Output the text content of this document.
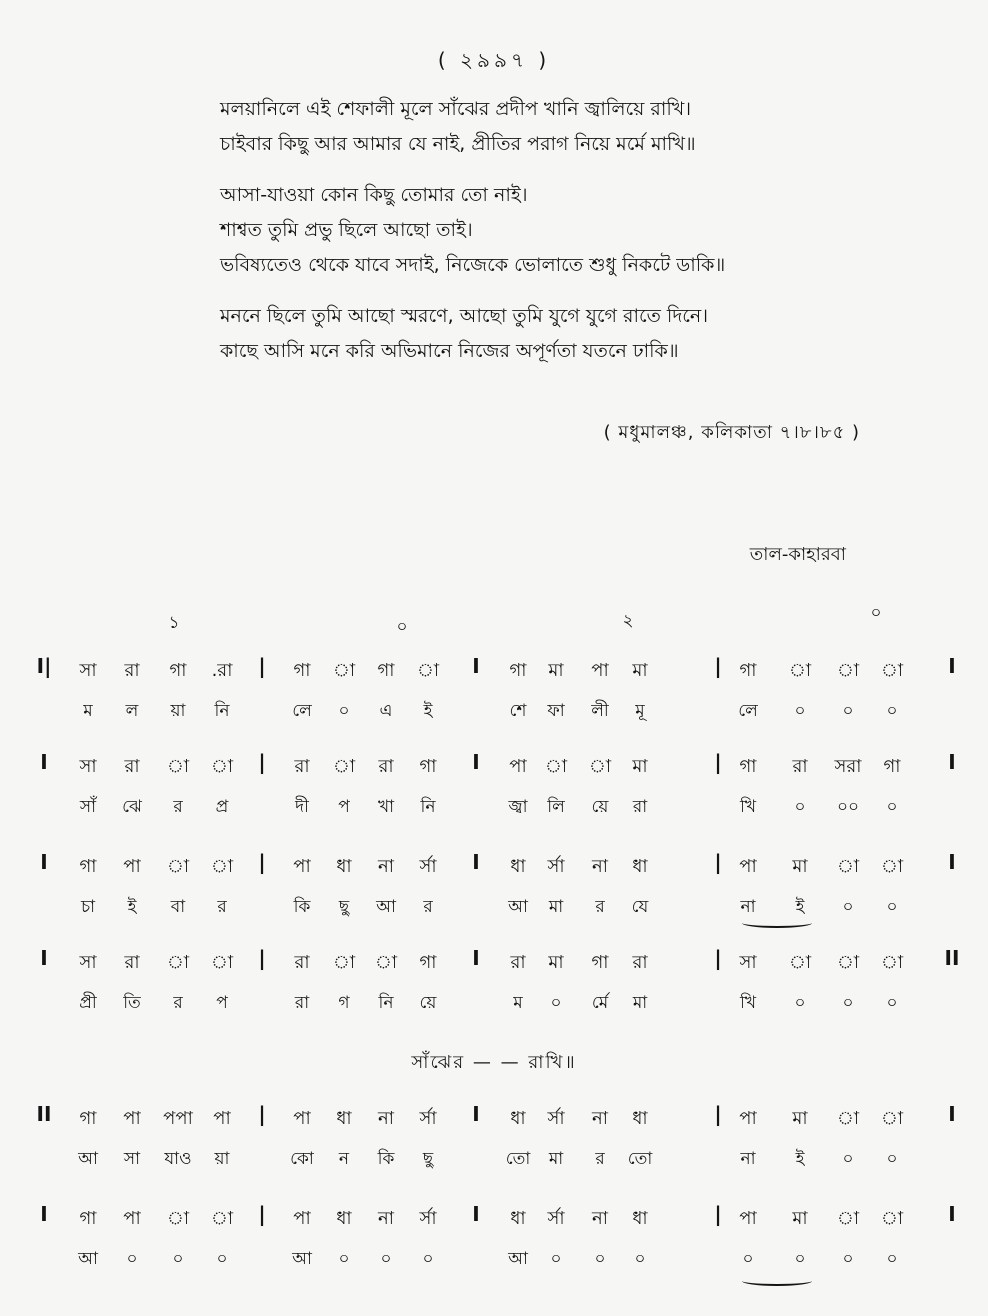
( ২৯৯৭ )
মলয়ানিলে এই শেফালী মূলে সাঁঝের প্রদীপ খানি জ্বালিয়ে রাখি।
চাইবার কিছু আর আমার যে নাই, প্রীতির পরাগ নিয়ে মর্মে মাখি॥
আসা-যাওয়া কোন কিছু তোমার তো নাই।
শাশ্বত তুমি প্রভু ছিলে আছো তাই।
ভবিষ্যতেও থেকে যাবে সদাই, নিজেকে ভোলাতে শুধু নিকটে ডাকি॥
মননে ছিলে তুমি আছো স্মরণে, আছো তুমি যুগে যুগে রাতে দিনে।
কাছে আসি মনে করি অভিমানে নিজের অপূর্ণতা যতনে ঢাকি॥
( মধুমালঞ্চ, কলিকাতা ৭।৮।৮৫ )
তাল-কাহারবা
১	০	২	০
সাঁঝের — — রাখি॥
I|	|	I	|	I
সা রা গা .রা	গা া গা া	গা মা পা মা	গা া া া
ম ল য়া নি	লে ০ এ ই	শে ফা লী মূ	লে ০ ০ ০
I	|	I	|	I
সা রা া া	রা া রা গা	পা া া মা	গা রা সরা গা
সাঁ ঝে র প্র	দী প খা নি	জ্বা লি য়ে রা	খি ০ ০০ ০
I	|	I	|	I
গা পা া া	পা ধা না র্সা	ধা র্সা না ধা	পা মা া া
চা ই বা র	কি ছু আ র	আ মা র যে	না ই ০ ০
I	|	I	|	II
সা রা া া	রা া া গা	রা মা গা রা	সা া া া
প্রী তি র প	রা গ নি য়ে	ম ০ র্মে মা	খি ০ ০ ০
II	|	I	|	I
গা পা পপা পা	পা ধা না র্সা	ধা র্সা না ধা	পা মা া া
আ সা যাও য়া	কো ন কি ছু	তো মা র তো	না ই ০ ০
I	|	I	|	I
গা পা া া	পা ধা না র্সা	ধা র্সা না ধা	পা মা া া
আ ০ ০ ০	আ ০ ০ ০	আ ০ ০ ০	০ ০ ০ ০
